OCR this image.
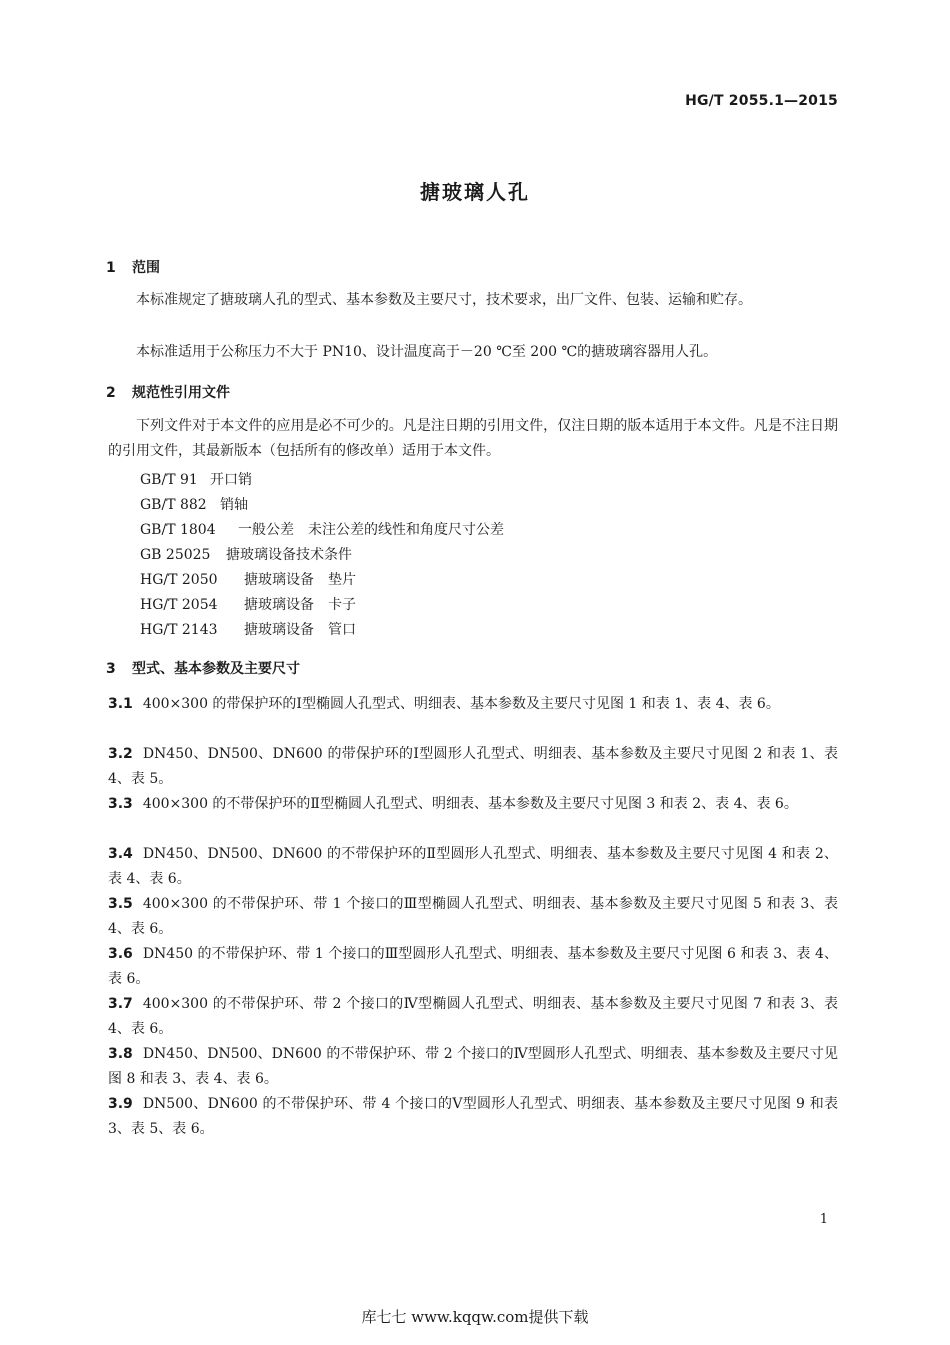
HG/T 2055.1—2015
搪玻璃人孔
1 范围
本标准规定了搪玻璃人孔的型式、基本参数及主要尺寸，技术要求，出厂文件、包装、运输和贮存。
本标准适用于公称压力不大于 PN10、设计温度高于－20 ℃至 200 ℃的搪玻璃容器用人孔。
2 规范性引用文件
下列文件对于本文件的应用是必不可少的。凡是注日期的引用文件，仅注日期的版本适用于本文件。凡是不注日期的引用文件，其最新版本（包括所有的修改单）适用于本文件。
GB/T 91 开口销
GB/T 882 销轴
GB/T 1804 一般公差　未注公差的线性和角度尺寸公差
GB 25025 搪玻璃设备技术条件
HG/T 2050 搪玻璃设备　垫片
HG/T 2054 搪玻璃设备　卡子
HG/T 2143 搪玻璃设备　管口
3 型式、基本参数及主要尺寸
3.1 400×300 的带保护环的Ⅰ型椭圆人孔型式、明细表、基本参数及主要尺寸见图 1 和表 1、表 4、表 6。
3.2 DN450、DN500、DN600 的带保护环的Ⅰ型圆形人孔型式、明细表、基本参数及主要尺寸见图 2 和表 1、表 4、表 5。
3.3 400×300 的不带保护环的Ⅱ型椭圆人孔型式、明细表、基本参数及主要尺寸见图 3 和表 2、表 4、表 6。
3.4 DN450、DN500、DN600 的不带保护环的Ⅱ型圆形人孔型式、明细表、基本参数及主要尺寸见图 4 和表 2、表 4、表 6。
3.5 400×300 的不带保护环、带 1 个接口的Ⅲ型椭圆人孔型式、明细表、基本参数及主要尺寸见图 5 和表 3、表 4、表 6。
3.6 DN450 的不带保护环、带 1 个接口的Ⅲ型圆形人孔型式、明细表、基本参数及主要尺寸见图 6 和表 3、表 4、表 6。
3.7 400×300 的不带保护环、带 2 个接口的Ⅳ型椭圆人孔型式、明细表、基本参数及主要尺寸见图 7 和表 3、表 4、表 6。
3.8 DN450、DN500、DN600 的不带保护环、带 2 个接口的Ⅳ型圆形人孔型式、明细表、基本参数及主要尺寸见图 8 和表 3、表 4、表 6。
3.9 DN500、DN600 的不带保护环、带 4 个接口的Ⅴ型圆形人孔型式、明细表、基本参数及主要尺寸见图 9 和表 3、表 5、表 6。
1
库七七 www.kqqw.com提供下载
